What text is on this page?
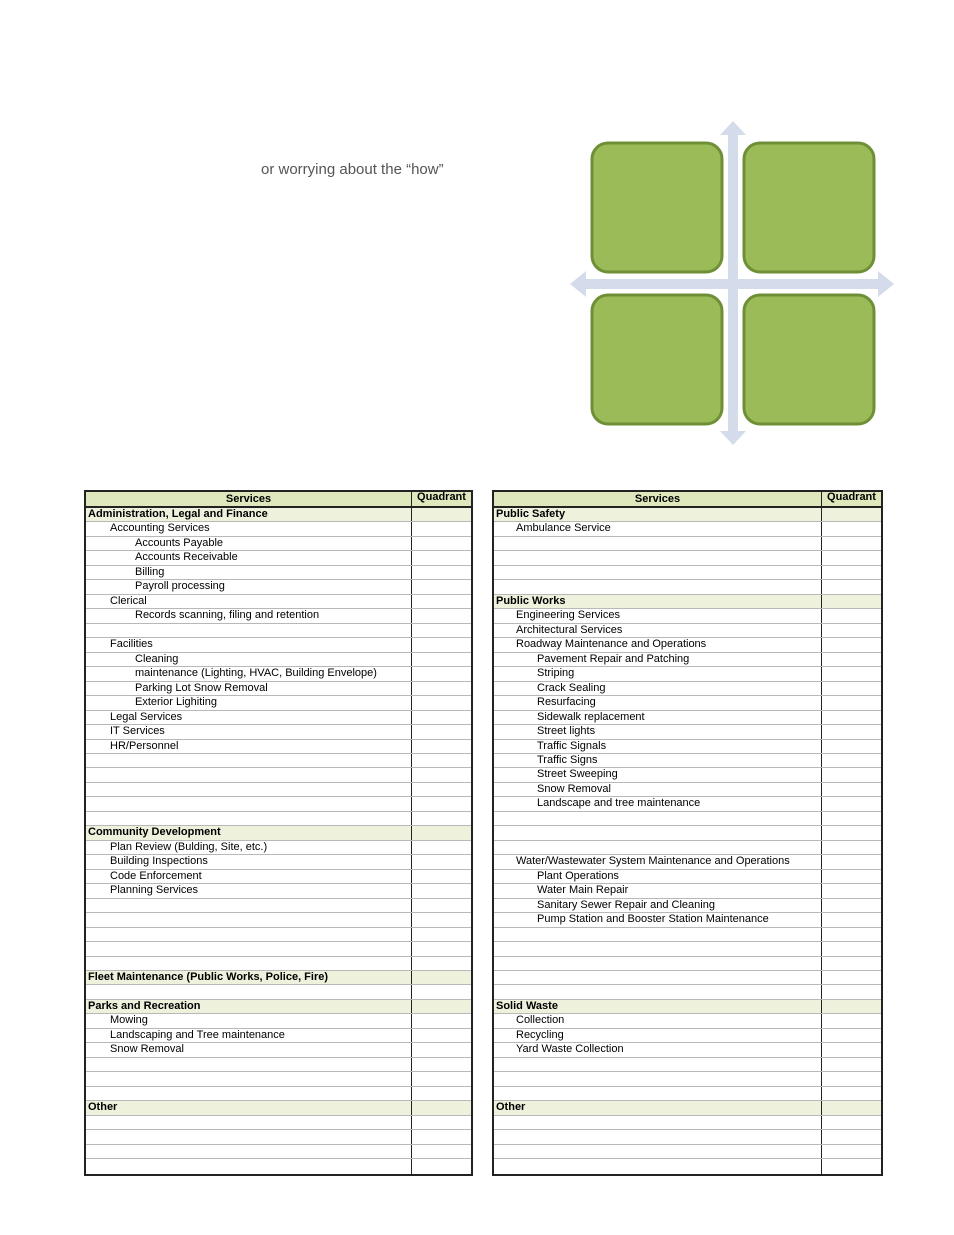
or worrying about the “how”
Services	Quadrant
Administration, Legal and Finance
Accounting Services
Accounts Payable
Accounts Receivable
Billing
Payroll processing
Clerical
Records scanning, filing and retention
Facilities
Cleaning
maintenance (Lighting, HVAC, Building Envelope)
Parking Lot Snow Removal
Exterior Lighiting
Legal Services
IT Services
HR/Personnel
Community Development
Plan Review (Bulding, Site, etc.)
Building Inspections
Code Enforcement
Planning Services
Fleet Maintenance (Public Works, Police, Fire)
Parks and Recreation
Mowing
Landscaping and Tree maintenance
Snow Removal
Other
Services	Quadrant
Public Safety
Ambulance Service
Public Works
Engineering Services
Architectural Services
Roadway Maintenance and Operations
Pavement Repair and Patching
Striping
Crack Sealing
Resurfacing
Sidewalk replacement
Street lights
Traffic Signals
Traffic Signs
Street Sweeping
Snow Removal
Landscape and tree maintenance
Water/Wastewater System Maintenance and Operations
Plant Operations
Water Main Repair
Sanitary Sewer Repair and Cleaning
Pump Station and Booster Station Maintenance
Solid Waste
Collection
Recycling
Yard Waste Collection
Other
